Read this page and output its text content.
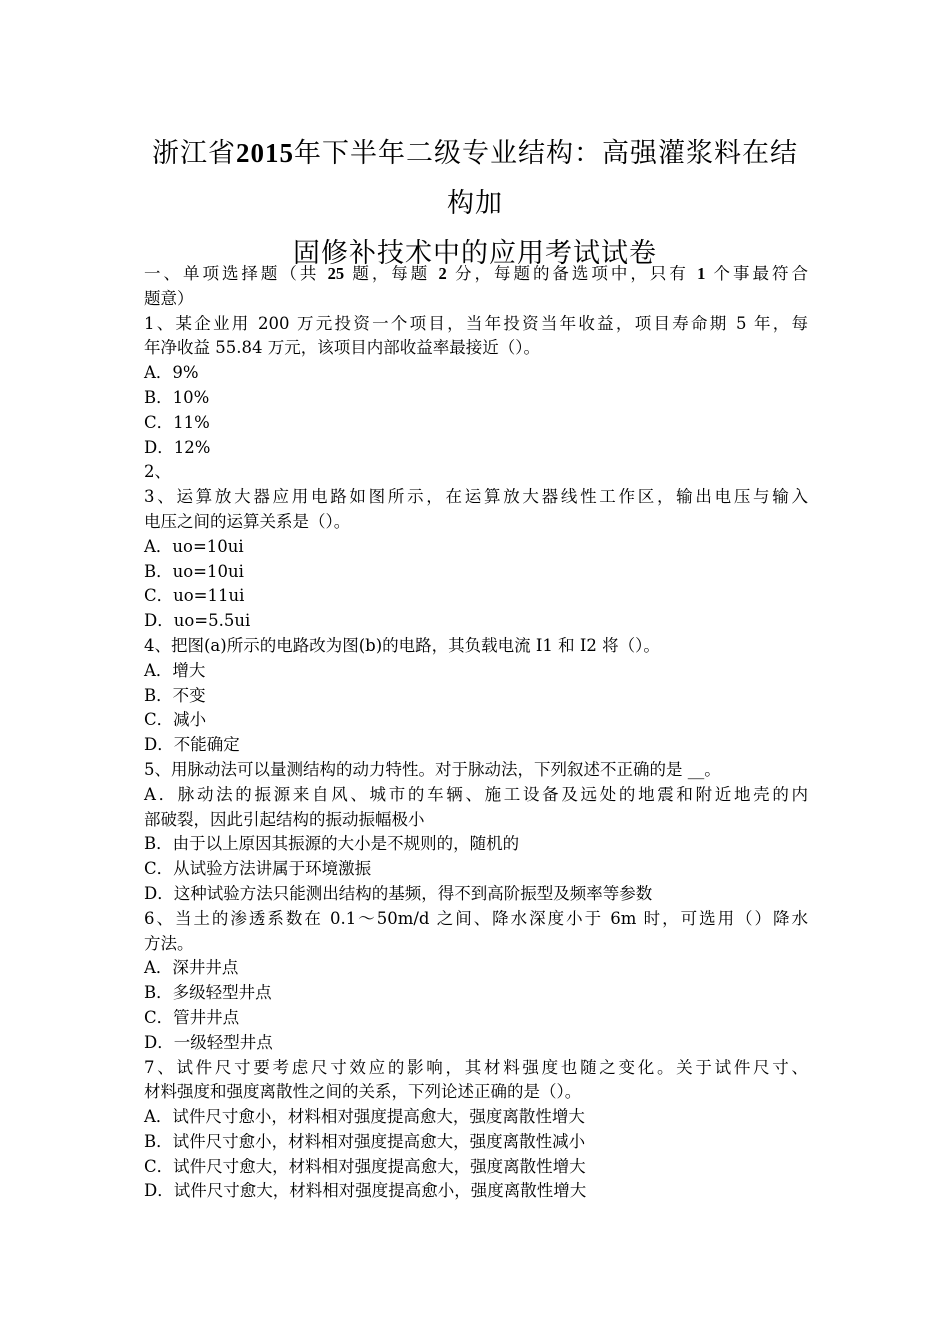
浙江省2015年下半年二级专业结构：高强灌浆料在结构加
固修补技术中的应用考试试卷
一、单项选择题（共 25 题，每题 2 分，每题的备选项中，只有 1 个事最符合
题意）
1、某企业用 200 万元投资一个项目，当年投资当年收益，项目寿命期 5 年，每
年净收益 55.84 万元，该项目内部收益率最接近（）。
A．9%
B．10%
C．11%
D．12%
2、
3、运算放大器应用电路如图所示，在运算放大器线性工作区，输出电压与输入
电压之间的运算关系是（）。
A．uo=10ui
B．uo=10ui
C．uo=11ui
D．uo=5.5ui
4、把图(a)所示的电路改为图(b)的电路，其负载电流 I1 和 I2 将（）。
A．增大
B．不变
C．减小
D．不能确定
5、用脉动法可以量测结构的动力特性。对于脉动法，下列叙述不正确的是 __。
A．脉动法的振源来自风、城市的车辆、施工设备及远处的地震和附近地壳的内
部破裂，因此引起结构的振动振幅极小
B．由于以上原因其振源的大小是不规则的，随机的
C．从试验方法讲属于环境激振
D．这种试验方法只能测出结构的基频，得不到高阶振型及频率等参数
6、当土的渗透系数在 0.1～50m/d 之间、降水深度小于 6m 时，可选用（）降水
方法。
A．深井井点
B．多级轻型井点
C．管井井点
D．一级轻型井点
7、试件尺寸要考虑尺寸效应的影响，其材料强度也随之变化。关于试件尺寸、
材料强度和强度离散性之间的关系，下列论述正确的是（）。
A．试件尺寸愈小，材料相对强度提高愈大，强度离散性增大
B．试件尺寸愈小，材料相对强度提高愈大，强度离散性减小
C．试件尺寸愈大，材料相对强度提高愈大，强度离散性增大
D．试件尺寸愈大，材料相对强度提高愈小，强度离散性增大
